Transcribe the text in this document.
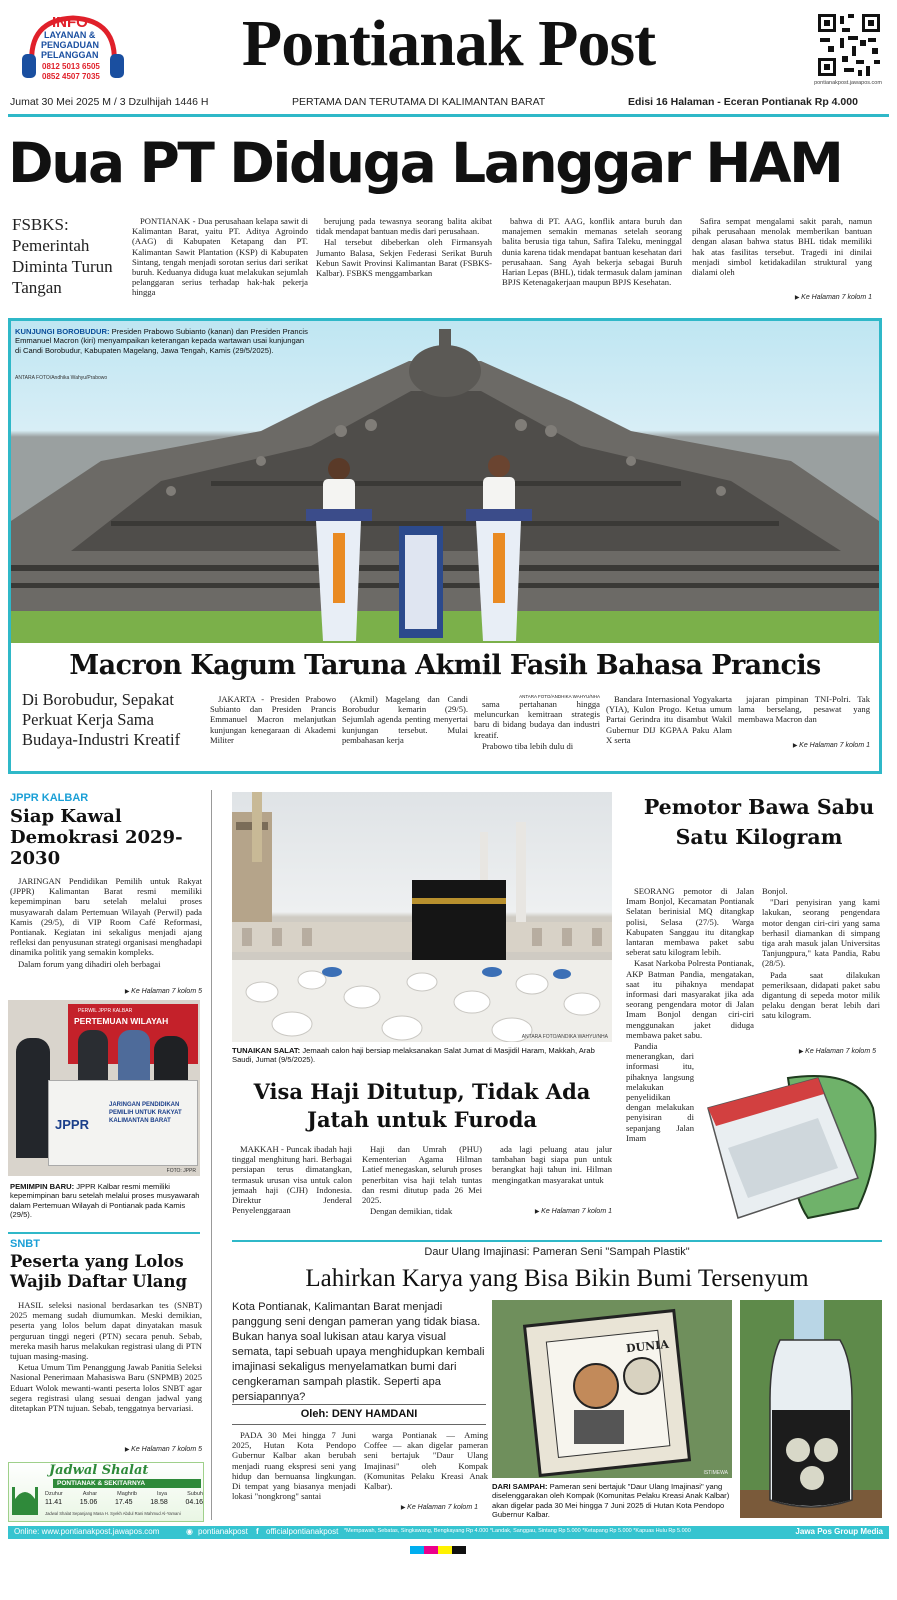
INFO
LAYANAN &
PENGADUAN
PELANGGAN
0812 5013 6505
0852 4507 7035	Pontianak Post
pontianakpost.jawapos.com
Jumat 30 Mei 2025 M / 3 Dzulhijah 1446 H	PERTAMA DAN TERUTAMA DI KALIMANTAN BARAT	Edisi 16 Halaman - Eceran Pontianak Rp 4.000
Dua PT Diduga Langgar HAM
FSBKS: Pemerintah Diminta Turun Tangan

PONTIANAK - Dua perusahaan kelapa sawit di Kalimantan Barat, yaitu PT. Aditya Agroindo (AAG) di Kabupaten Ketapang dan PT. Kalimantan Sawit Plantation (KSP) di Kabupaten Sintang, tengah menjadi sorotan serius dari serikat buruh. Keduanya diduga kuat melakukan sejumlah pelanggaran serius terhadap hak-hak pekerja hingga

berujung pada tewasnya seorang balita akibat tidak mendapat bantuan medis dari perusahaan.

Hal tersebut dibeberkan oleh Firmansyah Jumanto Balasa, Sekjen Federasi Serikat Buruh Kebun Sawit Provinsi Kalimantan Barat (FSBKS-Kalbar). FSBKS menggambarkan

bahwa di PT. AAG, konflik antara buruh dan manajemen semakin memanas setelah seorang balita berusia tiga tahun, Safira Taleku, meninggal dunia karena tidak mendapat bantuan kesehatan dari perusahaan. Sang Ayah bekerja sebagai Buruh Harian Lepas (BHL), tidak termasuk dalam jaminan BPJS Ketenagakerjaan maupun BPJS Kesehatan.

Safira sempat mengalami sakit parah, namun pihak perusahaan menolak memberikan bantuan dengan alasan bahwa status BHL tidak memiliki hak atas fasilitas tersebut. Tragedi ini dinilai menjadi simbol ketidakadilan struktural yang dialami oleh

▶ Ke Halaman 7 kolom 1
KUNJUNGI BOROBUDUR: Presiden Prabowo Subianto (kanan) dan Presiden Prancis Emmanuel Macron (kiri) menyampaikan keterangan kepada wartawan usai kunjungan di Candi Borobudur, Kabupaten Magelang, Jawa Tengah, Kamis (29/5/2025).
ANTARA FOTO/Andhika Wahyu/Prabowo
Macron Kagum Taruna Akmil Fasih Bahasa Prancis
Di Borobudur, Sepakat Perkuat Kerja Sama Budaya-Industri Kreatif

JAKARTA - Presiden Prabowo Subianto dan Presiden Prancis Emmanuel Macron melanjutkan kunjungan kenegaraan di Akademi Militer

(Akmil) Magelang dan Candi Borobudur kemarin (29/5). Sejumlah agenda penting menyertai kunjungan tersebut. Mulai pembahasan kerja

ANTARA FOTO/ANDHIKA WAHYU/NHA

sama pertahanan hingga meluncurkan kemitraan strategis baru di bidang budaya dan industri kreatif.

Prabowo tiba lebih dulu di

Bandara Internasional Yogyakarta (YIA), Kulon Progo. Ketua umum Partai Gerindra itu disambut Wakil Gubernur DIJ KGPAA Paku Alam X serta

jajaran pimpinan TNI-Polri. Tak lama berselang, pesawat yang membawa Macron dan

▶ Ke Halaman 7 kolom 1
JPPR KALBAR
Siap Kawal Demokrasi 2029-2030

JARINGAN Pendidikan Pemilih untuk Rakyat (JPPR) Kalimantan Barat resmi memiliki kepemimpinan baru setelah melalui proses musyawarah dalam Pertemuan Wilayah (Perwil) pada Kamis (29/5), di VIP Room Café Reformasi, Pontianak. Kegiatan ini sekaligus menjadi ajang refleksi dan penyusunan strategi organisasi menghadapi dinamika politik yang semakin kompleks.

Dalam forum yang dihadiri oleh berbagai

▶ Ke Halaman 7 kolom 5
PERWIL JPPR KALBAR
PERTEMUAN WILAYAH
JPPR
JARINGAN PENDIDIKAN PEMILIH UNTUK RAKYAT KALIMANTAN BARAT
FOTO: JPPR
PEMIMPIN BARU: JPPR Kalbar resmi memiliki kepemimpinan baru setelah melalui proses musyawarah dalam Pertemuan Wilayah di Pontianak pada Kamis (29/5).
SNBT
Peserta yang Lolos Wajib Daftar Ulang

HASIL seleksi nasional berdasarkan tes (SNBT) 2025 memang sudah diumumkan. Meski demikian, peserta yang lolos belum dapat dinyatakan masuk perguruan tinggi negeri (PTN) secara penuh. Sebab, mereka masih harus melakukan registrasi ulang di PTN tujuan masing-masing.

Ketua Umum Tim Penanggung Jawab Panitia Seleksi Nasional Penerimaan Mahasiswa Baru (SNPMB) 2025 Eduart Wolok mewanti-wanti peserta lolos SNBT agar segera registrasi ulang sesuai dengan jadwal yang ditetapkan PTN tujuan. Sebab, tenggatnya bervariasi.

▶ Ke Halaman 7 kolom 5
Jadwal Shalat
PONTIANAK & SEKITARNYA
Dzuhur	Ashar	Maghrib	Isya	Subuh
11.41	15.06	17.45	18.58	04.16
Jadwal Shalat Sepanjang Masa H. Syekh Abdul Rani Mahmud Al-Yamani
ANTARA FOTO/ANDIKA WAHYU/NHA
TUNAIKAN SALAT: Jemaah calon haji bersiap melaksanakan Salat Jumat di Masjidil Haram, Makkah, Arab Saudi, Jumat (9/5/2025).
Visa Haji Ditutup, Tidak Ada Jatah untuk Furoda

MAKKAH - Puncak ibadah haji tinggal menghitung hari. Berbagai persiapan terus dimatangkan, termasuk urusan visa untuk calon jemaah haji (CJH) Indonesia. Direktur Jenderal Penyelenggaraan

Haji dan Umrah (PHU) Kementerian Agama Hilman Latief menegaskan, seluruh proses penerbitan visa haji telah tuntas dan resmi ditutup pada 26 Mei 2025.

Dengan demikian, tidak

ada lagi peluang atau jalur tambahan bagi siapa pun untuk berangkat haji tahun ini. Hilman mengingatkan masyarakat untuk

▶ Ke Halaman 7 kolom 1
Pemotor Bawa Sabu Satu Kilogram

SEORANG pemotor di Jalan Imam Bonjol, Kecamatan Pontianak Selatan berinisial MQ ditangkap polisi, Selasa (27/5). Warga Kabupaten Sanggau itu ditangkap lantaran membawa paket sabu seberat satu kilogram lebih.

Kasat Narkoba Polresta Pontianak, AKP Batman Pandia, mengatakan, saat itu pihaknya mendapat informasi dari masyarakat jika ada seorang pengendara motor di Jalan Imam Bonjol dengan ciri-ciri menggunakan jaket diduga membawa paket sabu.

Pandia menerangkan, dari informasi itu, pihaknya langsung melakukan penyelidikan dengan melakukan penyisiran di sepanjang Jalan Imam

Bonjol.

"Dari penyisiran yang kami lakukan, seorang pengendara motor dengan ciri-ciri yang sama berhasil diamankan di simpang tiga arah masuk jalan Universitas Tanjungpura," kata Pandia, Rabu (28/5).

Pada saat dilakukan pemeriksaan, didapati paket sabu digantung di sepeda motor milik pelaku dengan berat lebih dari satu kilogram.

▶ Ke Halaman 7 kolom 5
Daur Ulang Imajinasi: Pameran Seni "Sampah Plastik"
Lahirkan Karya yang Bisa Bikin Bumi Tersenyum
Kota Pontianak, Kalimantan Barat menjadi panggung seni dengan pameran yang tidak biasa. Bukan hanya soal lukisan atau karya visual semata, tapi sebuah upaya menghidupkan kembali imajinasi sekaligus menyelamatkan bumi dari cengkeraman sampah plastik. Seperti apa persiapannya?
Oleh: DENY HAMDANI

PADA 30 Mei hingga 7 Juni 2025, Hutan Kota Pendopo Gubernur Kalbar akan berubah menjadi ruang ekspresi seni yang hidup dan bernuansa lingkungan. Di tempat yang biasanya menjadi lokasi "nongkrong" santai

warga Pontianak — Aming Coffee — akan digelar pameran seni bertajuk "Daur Ulang Imajinasi" oleh Kompak (Komunitas Pelaku Kreasi Anak Kalbar).

▶ Ke Halaman 7 kolom 1
DUNIA
ISTIMEWA
DARI SAMPAH: Pameran seni bertajuk "Daur Ulang Imajinasi" yang diselenggarakan oleh Kompak (Komunitas Pelaku Kreasi Anak Kalbar) akan digelar pada 30 Mei hingga 7 Juni 2025 di Hutan Kota Pendopo Gubernur Kalbar.
Online: www.pontianakpost.jawapos.com	◉ pontianakpost f officialpontianakpost *Mempawah, Sebatas, Singkawang, Bengkayang Rp 4.000 *Landak, Sanggau, Sintang Rp 5.000 *Ketapang Rp 5.000 *Kapuas Hulu Rp 5.000	Jawa Pos Group Media
